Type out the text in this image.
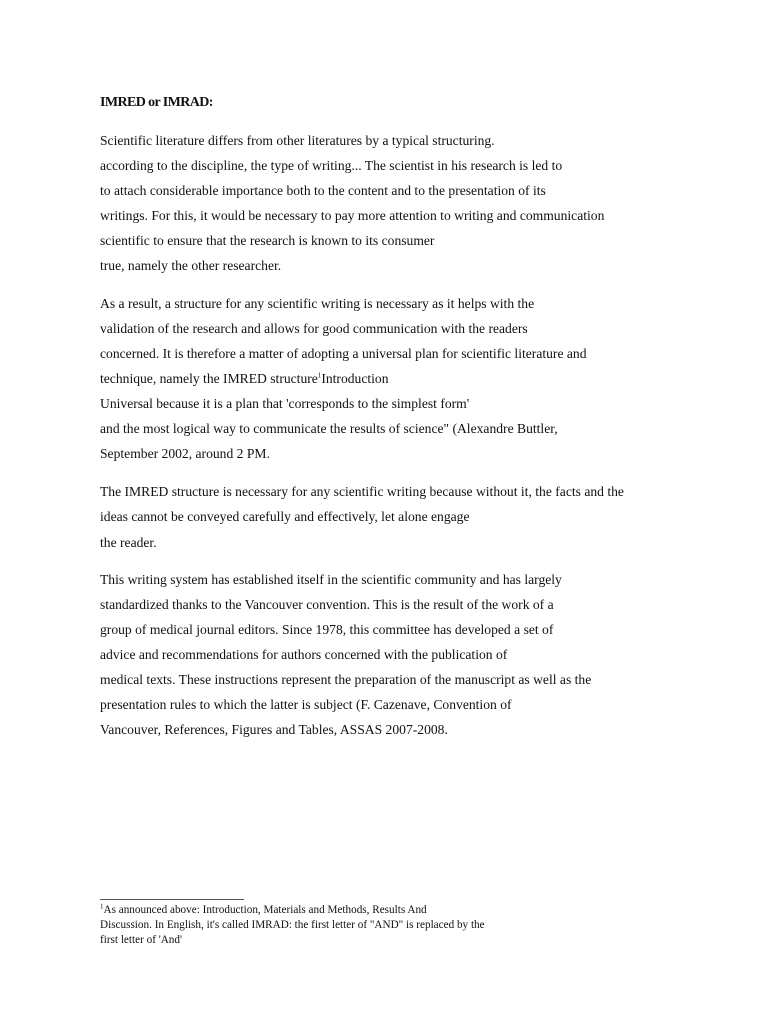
IMRED or IMRAD:
Scientific literature differs from other literatures by a typical structuring.
according to the discipline, the type of writing... The scientist in his research is led to
to attach considerable importance both to the content and to the presentation of its
writings. For this, it would be necessary to pay more attention to writing and communication
scientific to ensure that the research is known to its consumer
true, namely the other researcher.
As a result, a structure for any scientific writing is necessary as it helps with the
validation of the research and allows for good communication with the readers
concerned. It is therefore a matter of adopting a universal plan for scientific literature and
technique, namely the IMRED structure$^1$Introduction
Universal because it is a plan that 'corresponds to the simplest form'
and the most logical way to communicate the results of science" (Alexandre Buttler,
September 2002, around 2 PM.
The IMRED structure is necessary for any scientific writing because without it, the facts and the
ideas cannot be conveyed carefully and effectively, let alone engage
the reader.
This writing system has established itself in the scientific community and has largely
standardized thanks to the Vancouver convention. This is the result of the work of a
group of medical journal editors. Since 1978, this committee has developed a set of
advice and recommendations for authors concerned with the publication of
medical texts. These instructions represent the preparation of the manuscript as well as the
presentation rules to which the latter is subject (F. Cazenave, Convention of
Vancouver, References, Figures and Tables, ASSAS 2007-2008.
$^1$As announced above: Introduction, Materials and Methods, Results And
Discussion. In English, it's called IMRAD: the first letter of "AND" is replaced by the
first letter of 'And'
